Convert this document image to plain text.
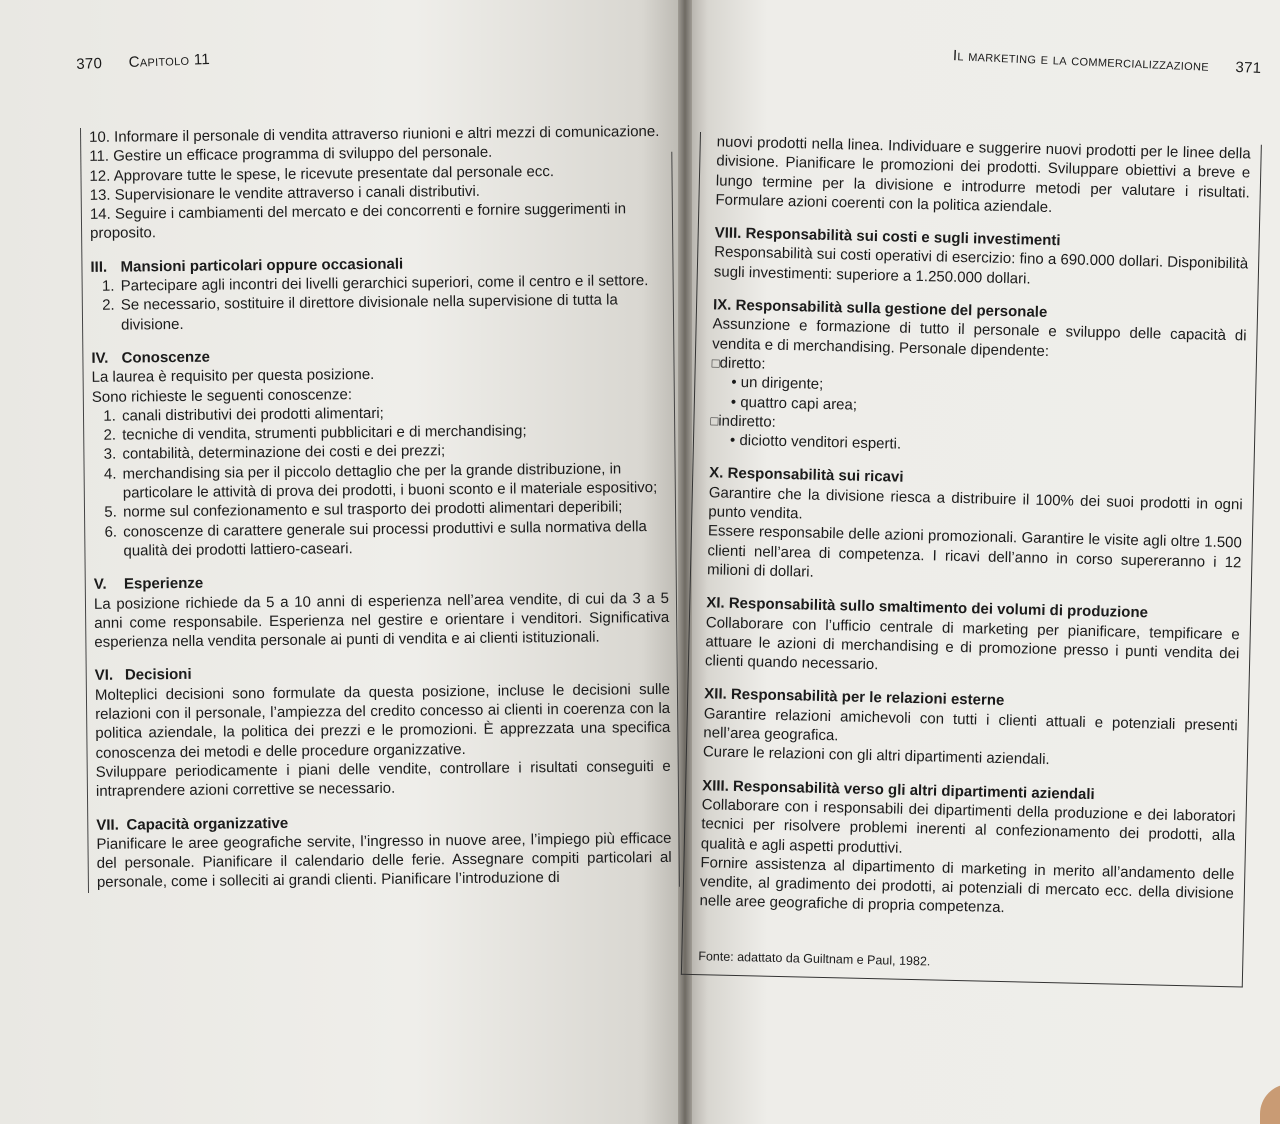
370 Capitolo 11	Il marketing e la commercializzazione 371
10. Informare il personale di vendita attraverso riunioni e altri mezzi di comunicazione.
11. Gestire un efficace programma di sviluppo del personale.
12. Approvare tutte le spese, le ricevute presentate dal personale ecc.
13. Supervisionare le vendite attraverso i canali distributivi.
14. Seguire i cambiamenti del mercato e dei concorrenti e fornire suggerimenti in proposito.
III. Mansioni particolari oppure occasionali
1. Partecipare agli incontri dei livelli gerarchici superiori, come il centro e il settore.
2. Se necessario, sostituire il direttore divisionale nella supervisione di tutta la divisione.
IV. Conoscenze

La laurea è requisito per questa posizione.

Sono richieste le seguenti conoscenze:

1. canali distributivi dei prodotti alimentari;
2. tecniche di vendita, strumenti pubblicitari e di merchandising;
3. contabilità, determinazione dei costi e dei prezzi;
4. merchandising sia per il piccolo dettaglio che per la grande distribuzione, in particolare le attività di prova dei prodotti, i buoni sconto e il materiale espositivo;
5. norme sul confezionamento e sul trasporto dei prodotti alimentari deperibili;
6. conoscenze di carattere generale sui processi produttivi e sulla normativa della qualità dei prodotti lattiero-caseari.
V. Esperienze

La posizione richiede da 5 a 10 anni di esperienza nell’area vendite, di cui da 3 a 5 anni come responsabile. Esperienza nel gestire e orientare i venditori. Significativa esperienza nella vendita personale ai punti di vendita e ai clienti istituzionali.

VI. Decisioni

Molteplici decisioni sono formulate da questa posizione, incluse le decisioni sulle relazioni con il personale, l’ampiezza del credito concesso ai clienti in coerenza con la politica aziendale, la politica dei prezzi e le promozioni. È apprezzata una specifica conoscenza dei metodi e delle procedure organizzative.

Sviluppare periodicamente i piani delle vendite, controllare i risultati conseguiti e intraprendere azioni correttive se necessario.

VII. Capacità organizzative

Pianificare le aree geografiche servite, l’ingresso in nuove aree, l’impiego più efficace del personale. Pianificare il calendario delle ferie. Assegnare compiti particolari al personale, come i solleciti ai grandi clienti. Pianificare l’introduzione di

nuovi prodotti nella linea. Individuare e suggerire nuovi prodotti per le linee della divisione. Pianificare le promozioni dei prodotti. Sviluppare obiettivi a breve e lungo termine per la divisione e introdurre metodi per valutare i risultati. Formulare azioni coerenti con la politica aziendale.

VIII. Responsabilità sui costi e sugli investimenti

Responsabilità sui costi operativi di esercizio: fino a 690.000 dollari. Disponibilità sugli investimenti: superiore a 1.250.000 dollari.

IX. Responsabilità sulla gestione del personale

Assunzione e formazione di tutto il personale e sviluppo delle capacità di vendita e di merchandising. Personale dipendente:

□ diretto:
• un dirigente;
• quattro capi area;
□ indiretto:
• diciotto venditori esperti.
X. Responsabilità sui ricavi

Garantire che la divisione riesca a distribuire il 100% dei suoi prodotti in ogni punto vendita.

Essere responsabile delle azioni promozionali. Garantire le visite agli oltre 1.500 clienti nell’area di competenza. I ricavi dell’anno in corso supereranno i 12 milioni di dollari.

XI. Responsabilità sullo smaltimento dei volumi di produzione

Collaborare con l’ufficio centrale di marketing per pianificare, tempificare e attuare le azioni di merchandising e di promozione presso i punti vendita dei clienti quando necessario.

XII. Responsabilità per le relazioni esterne

Garantire relazioni amichevoli con tutti i clienti attuali e potenziali presenti nell’area geografica.

Curare le relazioni con gli altri dipartimenti aziendali.

XIII. Responsabilità verso gli altri dipartimenti aziendali

Collaborare con i responsabili dei dipartimenti della produzione e dei laboratori tecnici per risolvere problemi inerenti al confezionamento dei prodotti, alla qualità e agli aspetti produttivi.

Fornire assistenza al dipartimento di marketing in merito all’andamento delle vendite, al gradimento dei prodotti, ai potenziali di mercato ecc. della divisione nelle aree geografiche di propria competenza.

Fonte: adattato da Guiltnam e Paul, 1982.
